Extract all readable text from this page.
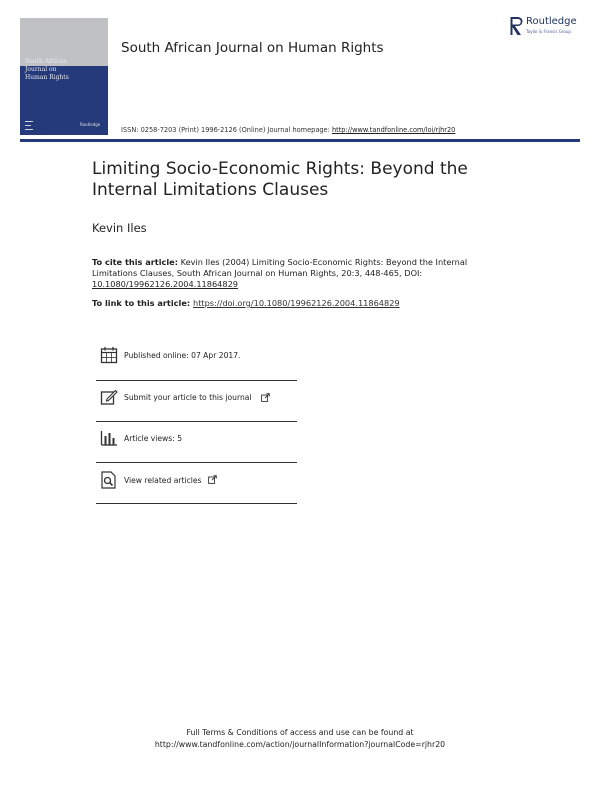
South African
Journal on
Human Rights
Routledge
South African Journal on Human Rights
Routledge
Taylor & Francis Group
ISSN: 0258-7203 (Print) 1996-2126 (Online) Journal homepage: http://www.tandfonline.com/loi/rjhr20
Limiting Socio-Economic Rights: Beyond the Internal Limitations Clauses
Kevin Iles
To cite this article: Kevin Iles (2004) Limiting Socio-Economic Rights: Beyond the Internal Limitations Clauses, South African Journal on Human Rights, 20:3, 448-465, DOI: 10.1080/19962126.2004.11864829
To link to this article: https://doi.org/10.1080/19962126.2004.11864829
Published online: 07 Apr 2017.
Submit your article to this journal
Article views: 5
View related articles
Full Terms & Conditions of access and use can be found at
http://www.tandfonline.com/action/journalInformation?journalCode=rjhr20
